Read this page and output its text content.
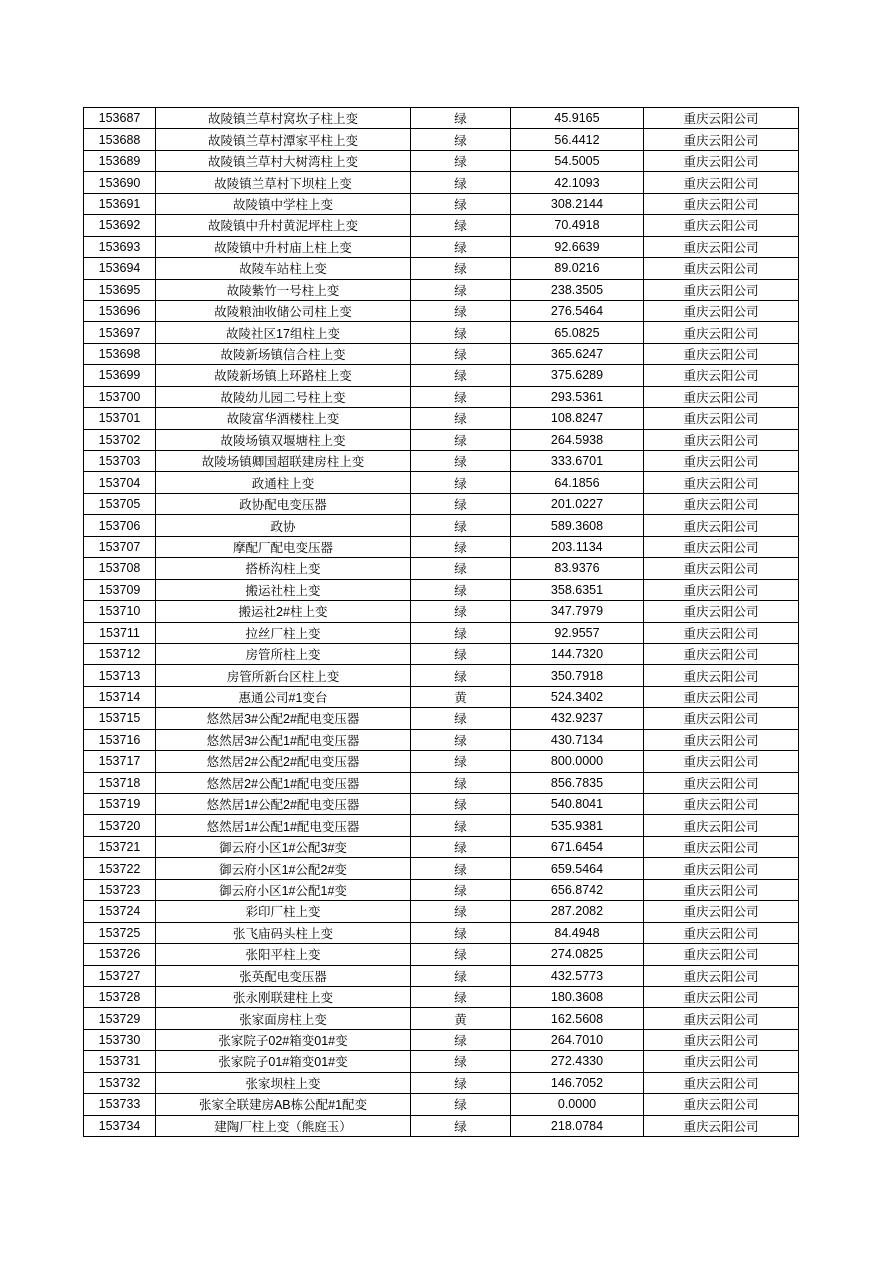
153687	故陵镇兰草村窝坎子柱上变	绿	45.9165	重庆云阳公司
153688	故陵镇兰草村潭家平柱上变	绿	56.4412	重庆云阳公司
153689	故陵镇兰草村大树湾柱上变	绿	54.5005	重庆云阳公司
153690	故陵镇兰草村下坝柱上变	绿	42.1093	重庆云阳公司
153691	故陵镇中学柱上变	绿	308.2144	重庆云阳公司
153692	故陵镇中升村黄泥坪柱上变	绿	70.4918	重庆云阳公司
153693	故陵镇中升村庙上柱上变	绿	92.6639	重庆云阳公司
153694	故陵车站柱上变	绿	89.0216	重庆云阳公司
153695	故陵紫竹一号柱上变	绿	238.3505	重庆云阳公司
153696	故陵粮油收储公司柱上变	绿	276.5464	重庆云阳公司
153697	故陵社区17组柱上变	绿	65.0825	重庆云阳公司
153698	故陵新场镇信合柱上变	绿	365.6247	重庆云阳公司
153699	故陵新场镇上环路柱上变	绿	375.6289	重庆云阳公司
153700	故陵幼儿园二号柱上变	绿	293.5361	重庆云阳公司
153701	故陵富华酒楼柱上变	绿	108.8247	重庆云阳公司
153702	故陵场镇双堰塘柱上变	绿	264.5938	重庆云阳公司
153703	故陵场镇卿国超联建房柱上变	绿	333.6701	重庆云阳公司
153704	政通柱上变	绿	64.1856	重庆云阳公司
153705	政协配电变压器	绿	201.0227	重庆云阳公司
153706	政协	绿	589.3608	重庆云阳公司
153707	摩配厂配电变压器	绿	203.1134	重庆云阳公司
153708	搭桥沟柱上变	绿	83.9376	重庆云阳公司
153709	搬运社柱上变	绿	358.6351	重庆云阳公司
153710	搬运社2#柱上变	绿	347.7979	重庆云阳公司
153711	拉丝厂柱上变	绿	92.9557	重庆云阳公司
153712	房管所柱上变	绿	144.7320	重庆云阳公司
153713	房管所新台区柱上变	绿	350.7918	重庆云阳公司
153714	惠通公司#1变台	黄	524.3402	重庆云阳公司
153715	悠然居3#公配2#配电变压器	绿	432.9237	重庆云阳公司
153716	悠然居3#公配1#配电变压器	绿	430.7134	重庆云阳公司
153717	悠然居2#公配2#配电变压器	绿	800.0000	重庆云阳公司
153718	悠然居2#公配1#配电变压器	绿	856.7835	重庆云阳公司
153719	悠然居1#公配2#配电变压器	绿	540.8041	重庆云阳公司
153720	悠然居1#公配1#配电变压器	绿	535.9381	重庆云阳公司
153721	御云府小区1#公配3#变	绿	671.6454	重庆云阳公司
153722	御云府小区1#公配2#变	绿	659.5464	重庆云阳公司
153723	御云府小区1#公配1#变	绿	656.8742	重庆云阳公司
153724	彩印厂柱上变	绿	287.2082	重庆云阳公司
153725	张飞庙码头柱上变	绿	84.4948	重庆云阳公司
153726	张阳平柱上变	绿	274.0825	重庆云阳公司
153727	张英配电变压器	绿	432.5773	重庆云阳公司
153728	张永刚联建柱上变	绿	180.3608	重庆云阳公司
153729	张家面房柱上变	黄	162.5608	重庆云阳公司
153730	张家院子02#箱变01#变	绿	264.7010	重庆云阳公司
153731	张家院子01#箱变01#变	绿	272.4330	重庆云阳公司
153732	张家坝柱上变	绿	146.7052	重庆云阳公司
153733	张家全联建房AB栋公配#1配变	绿	0.0000	重庆云阳公司
153734	建陶厂柱上变（熊庭玉）	绿	218.0784	重庆云阳公司
